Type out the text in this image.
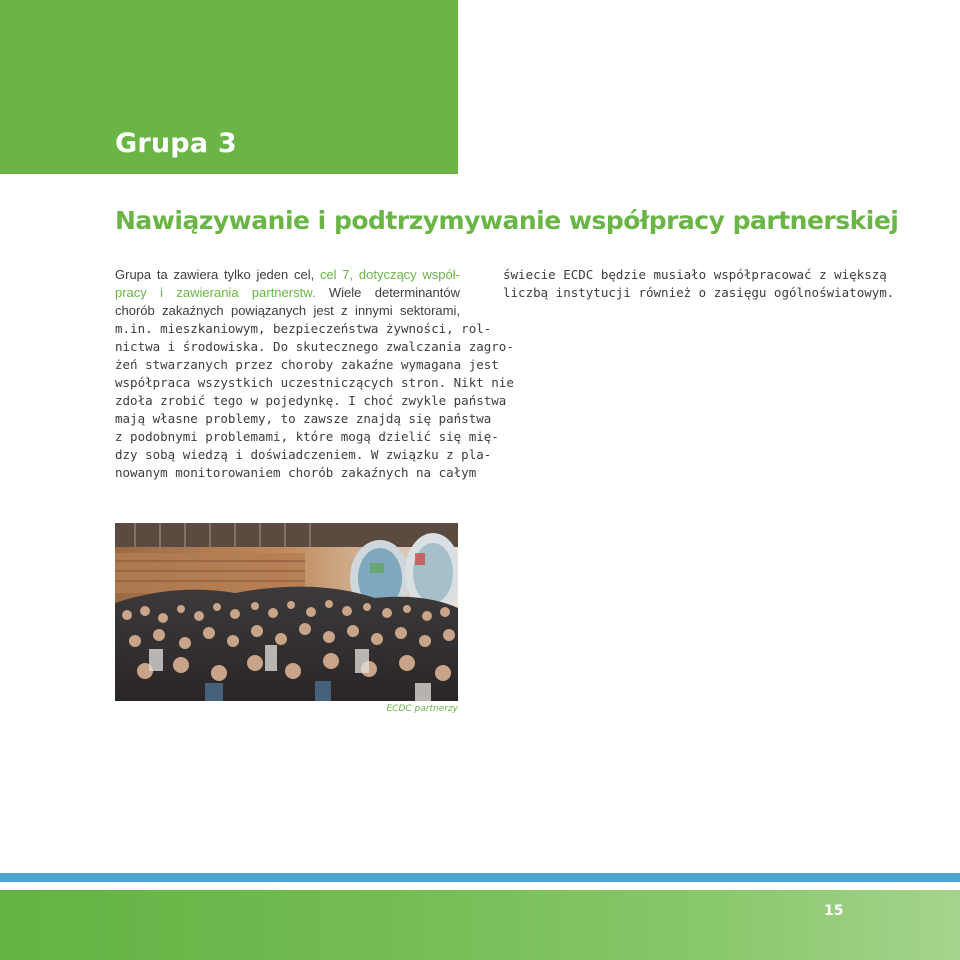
Grupa 3
Nawiązywanie i podtrzymywanie współpracy partnerskiej
Grupa ta zawiera tylko jeden cel, cel 7, dotyczący współ-
pracy i zawierania partnerstw. Wiele determinantów
chorób zakaźnych powiązanych jest z innymi sektorami,
m.in. mieszkaniowym, bezpieczeństwa żywności, rol-
nictwa i środowiska. Do skutecznego zwalczania zagro-
żeń stwarzanych przez choroby zakaźne wymagana jest
współpraca wszystkich uczestniczących stron. Nikt nie
zdoła zrobić tego w pojedynkę. I choć zwykle państwa
mają własne problemy, to zawsze znajdą się państwa
z podobnymi problemami, które mogą dzielić się mię-
dzy sobą wiedzą i doświadczeniem. W związku z pla-
nowanym monitorowaniem chorób zakaźnych na całym
świecie ECDC będzie musiało współpracować z większą
liczbą instytucji również o zasięgu ogólnoświatowym.
ECDC partnerzy
15
